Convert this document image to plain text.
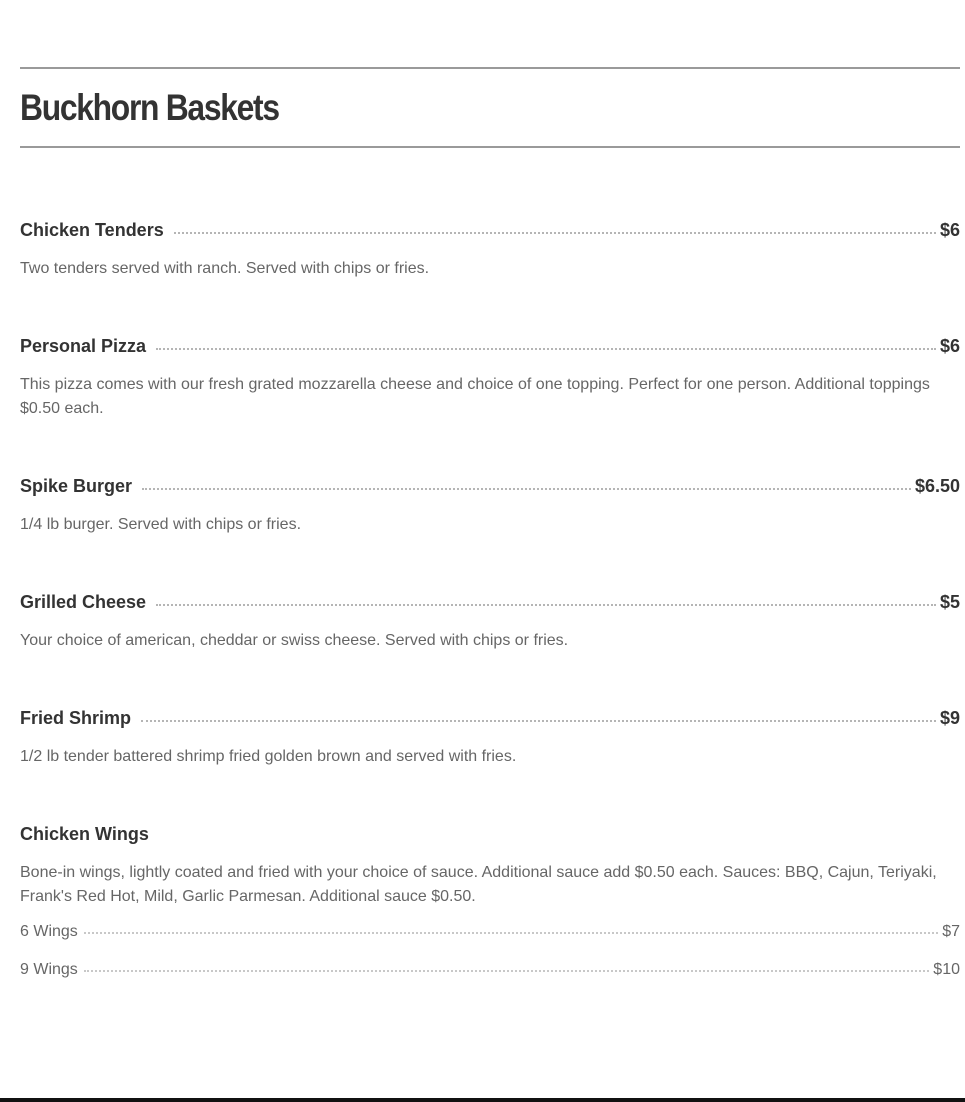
Buckhorn Baskets
Chicken Tenders	$6
Two tenders served with ranch. Served with chips or fries.
Personal Pizza	$6
This pizza comes with our fresh grated mozzarella cheese and choice of one topping. Perfect for one person. Additional toppings $0.50 each.
Spike Burger	$6.50
1/4 lb burger. Served with chips or fries.
Grilled Cheese	$5
Your choice of american, cheddar or swiss cheese. Served with chips or fries.
Fried Shrimp	$9
1/2 lb tender battered shrimp fried golden brown and served with fries.
Chicken Wings
Bone-in wings, lightly coated and fried with your choice of sauce. Additional sauce add $0.50 each. Sauces: BBQ, Cajun, Teriyaki, Frank's Red Hot, Mild, Garlic Parmesan. Additional sauce $0.50.
6 Wings	$7
9 Wings	$10
